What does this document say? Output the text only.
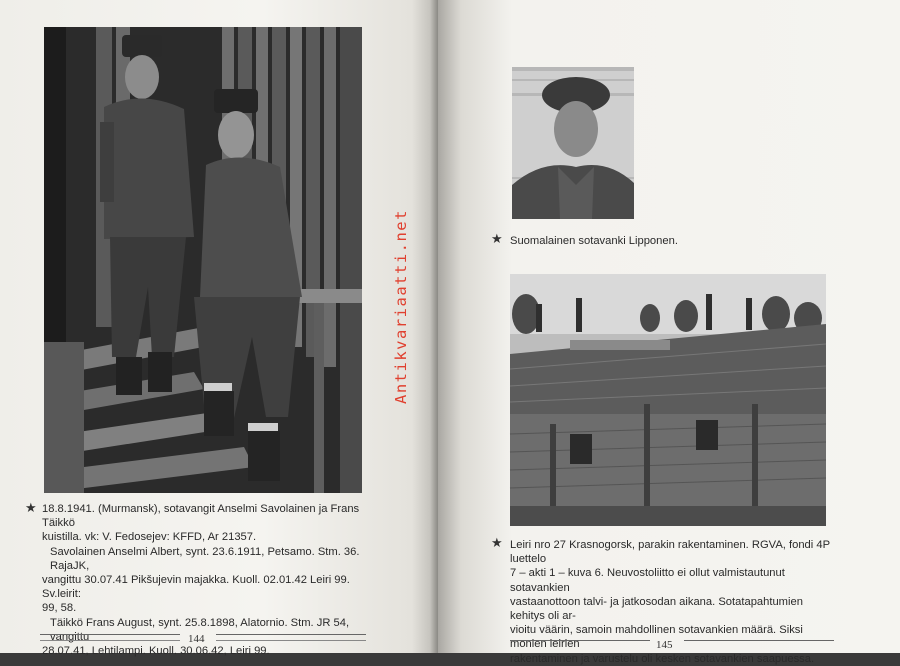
★ 18.8.1941. (Murmansk), sotavangit Anselmi Savolainen ja Frans Täikkö

kuistilla. vk: V. Fedosejev: KFFD, Ar 21357.

Savolainen Anselmi Albert, synt. 23.6.1911, Petsamo. Stm. 36. RajaJK,

vangittu 30.07.41 Pikšujevin majakka. Kuoll. 02.01.42 Leiri 99. Sv.leirit:

99, 58.

Täikkö Frans August, synt. 25.8.1898, Alatornio. Stm. JR 54, vangittu

28.07.41, Lehtilampi. Kuoll. 30.06.42, Leiri 99.

144
Antikvariaatti.net	★ Suomalainen sotavanki Lipponen.
★ Leiri nro 27 Krasnogorsk, parakin rakentaminen. RGVA, fondi 4P luettelo

7 – akti 1 – kuva 6. Neuvostoliitto ei ollut valmistautunut sotavankien

vastaanottoon talvi- ja jatkosodan aikana. Sotatapahtumien kehitys oli ar-

vioitu väärin, samoin mahdollinen sotavankien määrä. Siksi monien leirien

rakentaminen ja varustelu oli kesken sotavankien saapuessa.

145
